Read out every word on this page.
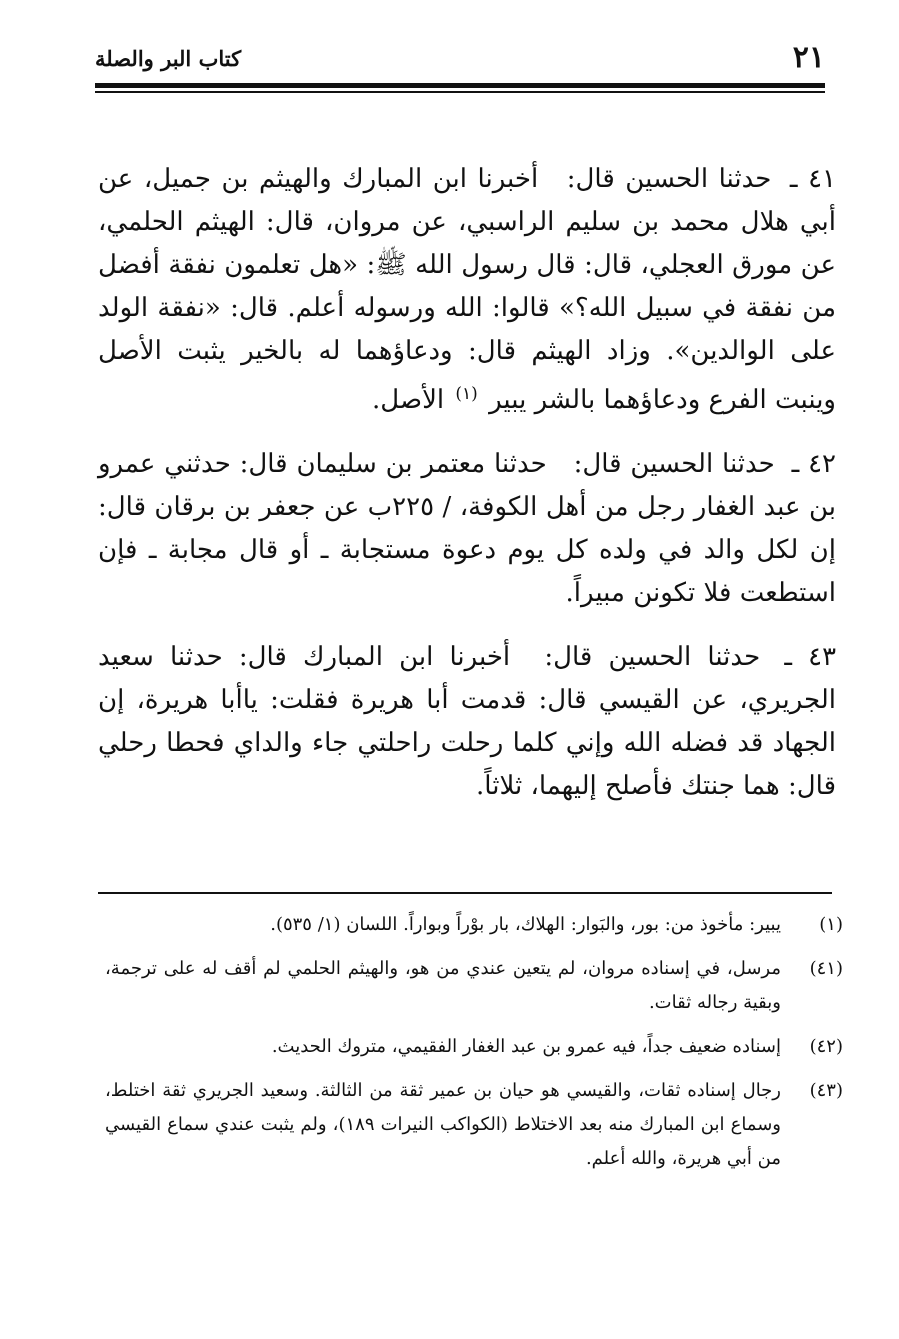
٢١
كتاب البر والصلة

٤١ ـ حدثنا الحسين قال: أخبرنا ابن المبارك والهيثم بن جميل، عن أبي هلال محمد بن سليم الراسبي، عن مروان، قال: الهيثم الحلمي، عن مورق العجلي، قال: قال رسول الله ﷺ: «هل تعلمون نفقة أفضل من نفقة في سبيل الله؟» قالوا: الله ورسوله أعلم. قال: «نفقة الولد على الوالدين». وزاد الهيثم قال: ودعاؤهما له بالخير يثبت الأصل وينبت الفرع ودعاؤهما بالشر يبير $^{(١)}$ الأصل.

٤٢ ـ حدثنا الحسين قال: حدثنا معتمر بن سليمان قال: حدثني عمرو بن عبد الغفار رجل من أهل الكوفة، / ٢٢٥ب عن جعفر بن برقان قال: إن لكل والد في ولده كل يوم دعوة مستجابة ـ أو قال مجابة ـ فإن استطعت فلا تكونن مبيراً.

٤٣ ـ حدثنا الحسين قال: أخبرنا ابن المبارك قال: حدثنا سعيد الجريري، عن القيسي قال: قدمت أبا هريرة فقلت: ياأبا هريرة، إن الجهاد قد فضله الله وإني كلما رحلت راحلتي جاء والداي فحطا رحلي قال: هما جنتك فأصلح إليهما، ثلاثاً.

(١)
يبير: مأخوذ من: بور، والبَوار: الهلاك، بار بوْراً وبواراً. اللسان (١/ ٥٣٥).
(٤١)
مرسل، في إسناده مروان، لم يتعين عندي من هو، والهيثم الحلمي لم أقف له على ترجمة، وبقية رجاله ثقات.
(٤٢)
إسناده ضعيف جداً، فيه عمرو بن عبد الغفار الفقيمي، متروك الحديث.
(٤٣)
رجال إسناده ثقات، والقيسي هو حيان بن عمير ثقة من الثالثة. وسعيد الجريري ثقة اختلط، وسماع ابن المبارك منه بعد الاختلاط (الكواكب النيرات ١٨٩)، ولم يثبت عندي سماع القيسي من أبي هريرة، والله أعلم.
